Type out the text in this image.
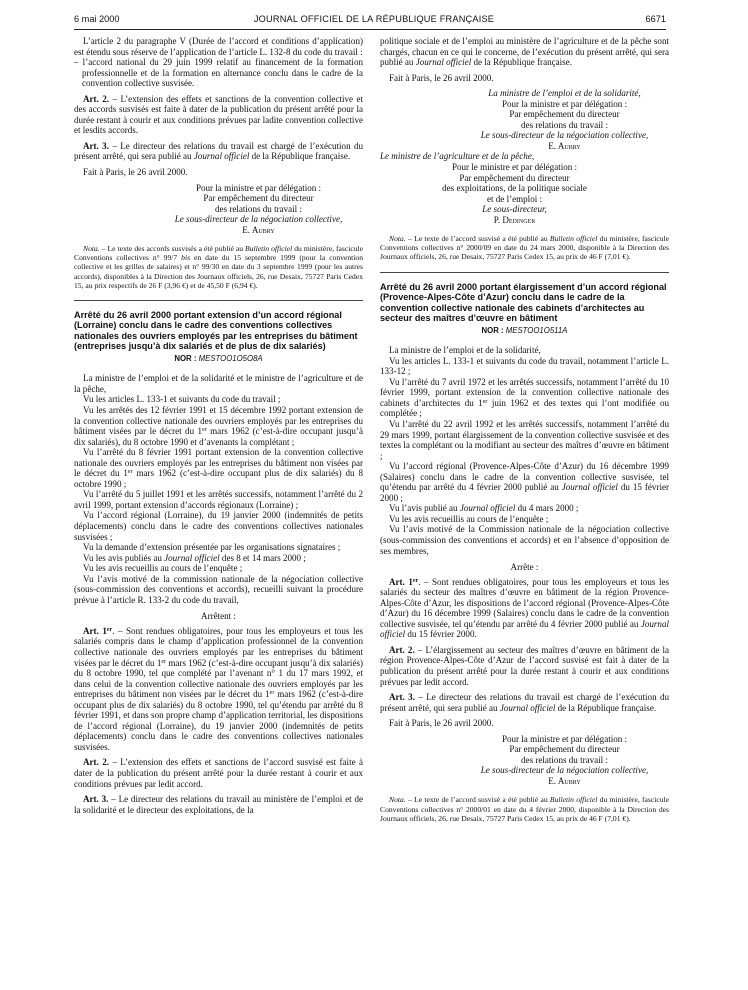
6 mai 2000	JOURNAL OFFICIEL DE LA RÉPUBLIQUE FRANÇAISE	6671

L’article 2 du paragraphe V (Durée de l’accord et conditions d’application) est étendu sous réserve de l’application de l’article L. 132-8 du code du travail :

– l’accord national du 29 juin 1999 relatif au financement de la formation professionnelle et de la formation en alternance conclu dans le cadre de la convention collective susvisée.

Art. 2. – L’extension des effets et sanctions de la convention collective et des accords susvisés est faite à dater de la publication du présent arrêté pour la durée restant à courir et aux conditions prévues par ladite convention collective et lesdits accords.

Art. 3. – Le directeur des relations du travail est chargé de l’exécution du présent arrêté, qui sera publié au Journal officiel de la République française.

Fait à Paris, le 26 avril 2000.

Pour la ministre et par délégation :

Par empêchement du directeur

des relations du travail :

Le sous-directeur de la négociation collective,

E. Aubry

Nota. – Le texte des accords susvisés a été publié au Bulletin officiel du ministère, fascicule Conventions collectives n° 99/7 bis en date du 15 septembre 1999 (pour la convention collective et les grilles de salaires) et n° 99/30 en date du 3 septembre 1999 (pour les autres accords), disponibles à la Direction des Journaux officiels, 26, rue Desaix, 75727 Paris Cedex 15, au prix respectifs de 26 F (3,96 €) et de 45,50 F (6,94 €).

Arrêté du 26 avril 2000 portant extension d’un accord régional (Lorraine) conclu dans le cadre des conventions collectives nationales des ouvriers employés par les entreprises du bâtiment (entreprises jusqu’à dix salariés et de plus de dix salariés)

NOR : MESTOO1O5O8A

La ministre de l’emploi et de la solidarité et le ministre de l’agriculture et de la pêche,

Vu les articles L. 133-1 et suivants du code du travail ;

Vu les arrêtés des 12 février 1991 et 15 décembre 1992 portant extension de la convention collective nationale des ouvriers employés par les entreprises du bâtiment visées par le décret du 1er mars 1962 (c’est-à-dire occupant jusqu’à dix salariés), du 8 octobre 1990 et d’avenants la complétant ;

Vu l’arrêté du 8 février 1991 portant extension de la convention collective nationale des ouvriers employés par les entreprises du bâtiment non visées par le décret du 1er mars 1962 (c’est-à-dire occupant plus de dix salariés) du 8 octobre 1990 ;

Vu l’arrêté du 5 juillet 1991 et les arrêtés successifs, notamment l’arrêté du 2 avril 1999, portant extension d’accords régionaux (Lorraine) ;

Vu l’accord régional (Lorraine), du 19 janvier 2000 (indemnités de petits déplacements) conclu dans le cadre des conventions collectives nationales susvisées ;

Vu la demande d’extension présentée par les organisations signataires ;

Vu les avis publiés au Journal officiel des 8 et 14 mars 2000 ;

Vu les avis recueillis au cours de l’enquête ;

Vu l’avis motivé de la commission nationale de la négociation collective (sous-commission des conventions et accords), recueilli suivant la procédure prévue à l’article R. 133-2 du code du travail,

Arrêtent :

Art. 1er. – Sont rendues obligatoires, pour tous les employeurs et tous les salariés compris dans le champ d’application professionnel de la convention collective nationale des ouvriers employés par les entreprises du bâtiment visées par le décret du 1er mars 1962 (c’est-à-dire occupant jusqu’à dix salariés) du 8 octobre 1990, tel que complété par l’avenant n° 1 du 17 mars 1992, et dans celui de la convention collective nationale des ouvriers employés par les entreprises du bâtiment non visées par le décret du 1er mars 1962 (c’est-à-dire occupant plus de dix salariés) du 8 octobre 1990, tel qu’étendu par arrêté du 8 février 1991, et dans son propre champ d’application territorial, les dispositions de l’accord régional (Lorraine), du 19 janvier 2000 (indemnités de petits déplacements) conclu dans le cadre des conventions collectives nationales susvisées.

Art. 2. – L’extension des effets et sanctions de l’accord susvisé est faite à dater de la publication du présent arrêté pour la durée restant à courir et aux conditions prévues par ledit accord.

Art. 3. – Le directeur des relations du travail au ministère de l’emploi et de la solidarité et le directeur des exploitations, de la

politique sociale et de l’emploi au ministère de l’agriculture et de la pêche sont chargés, chacun en ce qui le concerne, de l’exécution du présent arrêté, qui sera publié au Journal officiel de la République française.

Fait à Paris, le 26 avril 2000.

La ministre de l’emploi et de la solidarité,

Pour la ministre et par délégation :

Par empêchement du directeur

des relations du travail :

Le sous-directeur de la négociation collective,

E. Aubry

Le ministre de l’agriculture et de la pêche,

Pour le ministre et par délégation :

Par empêchement du directeur

des exploitations, de la politique sociale

et de l’emploi :

Le sous-directeur,

P. Dedinger

Nota. – Le texte de l’accord susvisé a été publié au Bulletin officiel du ministère, fascicule Conventions collectives n° 2000/09 en date du 24 mars 2000, disponible à la Direction des Journaux officiels, 26, rue Desaix, 75727 Paris Cedex 15, au prix de 46 F (7,01 €).

Arrêté du 26 avril 2000 portant élargissement d’un accord régional (Provence-Alpes-Côte d’Azur) conclu dans le cadre de la convention collective nationale des cabinets d’architectes au secteur des maîtres d’œuvre en bâtiment

NOR : MESTOO1O511A

La ministre de l’emploi et de la solidarité,

Vu les articles L. 133-1 et suivants du code du travail, notamment l’article L. 133-12 ;

Vu l’arrêté du 7 avril 1972 et les arrêtés successifs, notamment l’arrêté du 10 février 1999, portant extension de la convention collective nationale des cabinets d’architectes du 1er juin 1962 et des textes qui l’ont modifiée ou complétée ;

Vu l’arrêté du 22 avril 1992 et les arrêtés successifs, notamment l’arrêté du 29 mars 1999, portant élargissement de la convention collective susvisée et des textes la complétant ou la modifiant au secteur des maîtres d’œuvre en bâtiment ;

Vu l’accord régional (Provence-Alpes-Côte d’Azur) du 16 décembre 1999 (Salaires) conclu dans le cadre de la convention collective susvisée, tel qu’étendu par arrêté du 4 février 2000 publié au Journal officiel du 15 février 2000 ;

Vu l’avis publié au Journal officiel du 4 mars 2000 ;

Vu les avis recueillis au cours de l’enquête ;

Vu l’avis motivé de la Commission nationale de la négociation collective (sous-commission des conventions et accords) et en l’absence d’opposition de ses membres,

Arrête :

Art. 1er. – Sont rendues obligatoires, pour tous les employeurs et tous les salariés du secteur des maîtres d’œuvre en bâtiment de la région Provence-Alpes-Côte d’Azur, les dispositions de l’accord régional (Provence-Alpes-Côte d’Azur) du 16 décembre 1999 (Salaires) conclu dans le cadre de la convention collective susvisée, tel qu’étendu par arrêté du 4 février 2000 publié au Journal officiel du 15 février 2000.

Art. 2. – L’élargissement au secteur des maîtres d’œuvre en bâtiment de la région Provence-Alpes-Côte d’Azur de l’accord susvisé est fait à dater de la publication du présent arrêté pour la durée restant à courir et aux conditions prévues par ledit accord.

Art. 3. – Le directeur des relations du travail est chargé de l’exécution du présent arrêté, qui sera publié au Journal officiel de la République française.

Fait à Paris, le 26 avril 2000.

Pour la ministre et par délégation :

Par empêchement du directeur

des relations du travail :

Le sous-directeur de la négociation collective,

E. Aubry

Nota. – Le texte de l’accord susvisé a été publié au Bulletin officiel du ministère, fascicule Conventions collectives n° 2000/01 en date du 4 février 2000, disponible à la Direction des Journaux officiels, 26, rue Desaix, 75727 Paris Cedex 15, au prix de 46 F (7,01 €).
